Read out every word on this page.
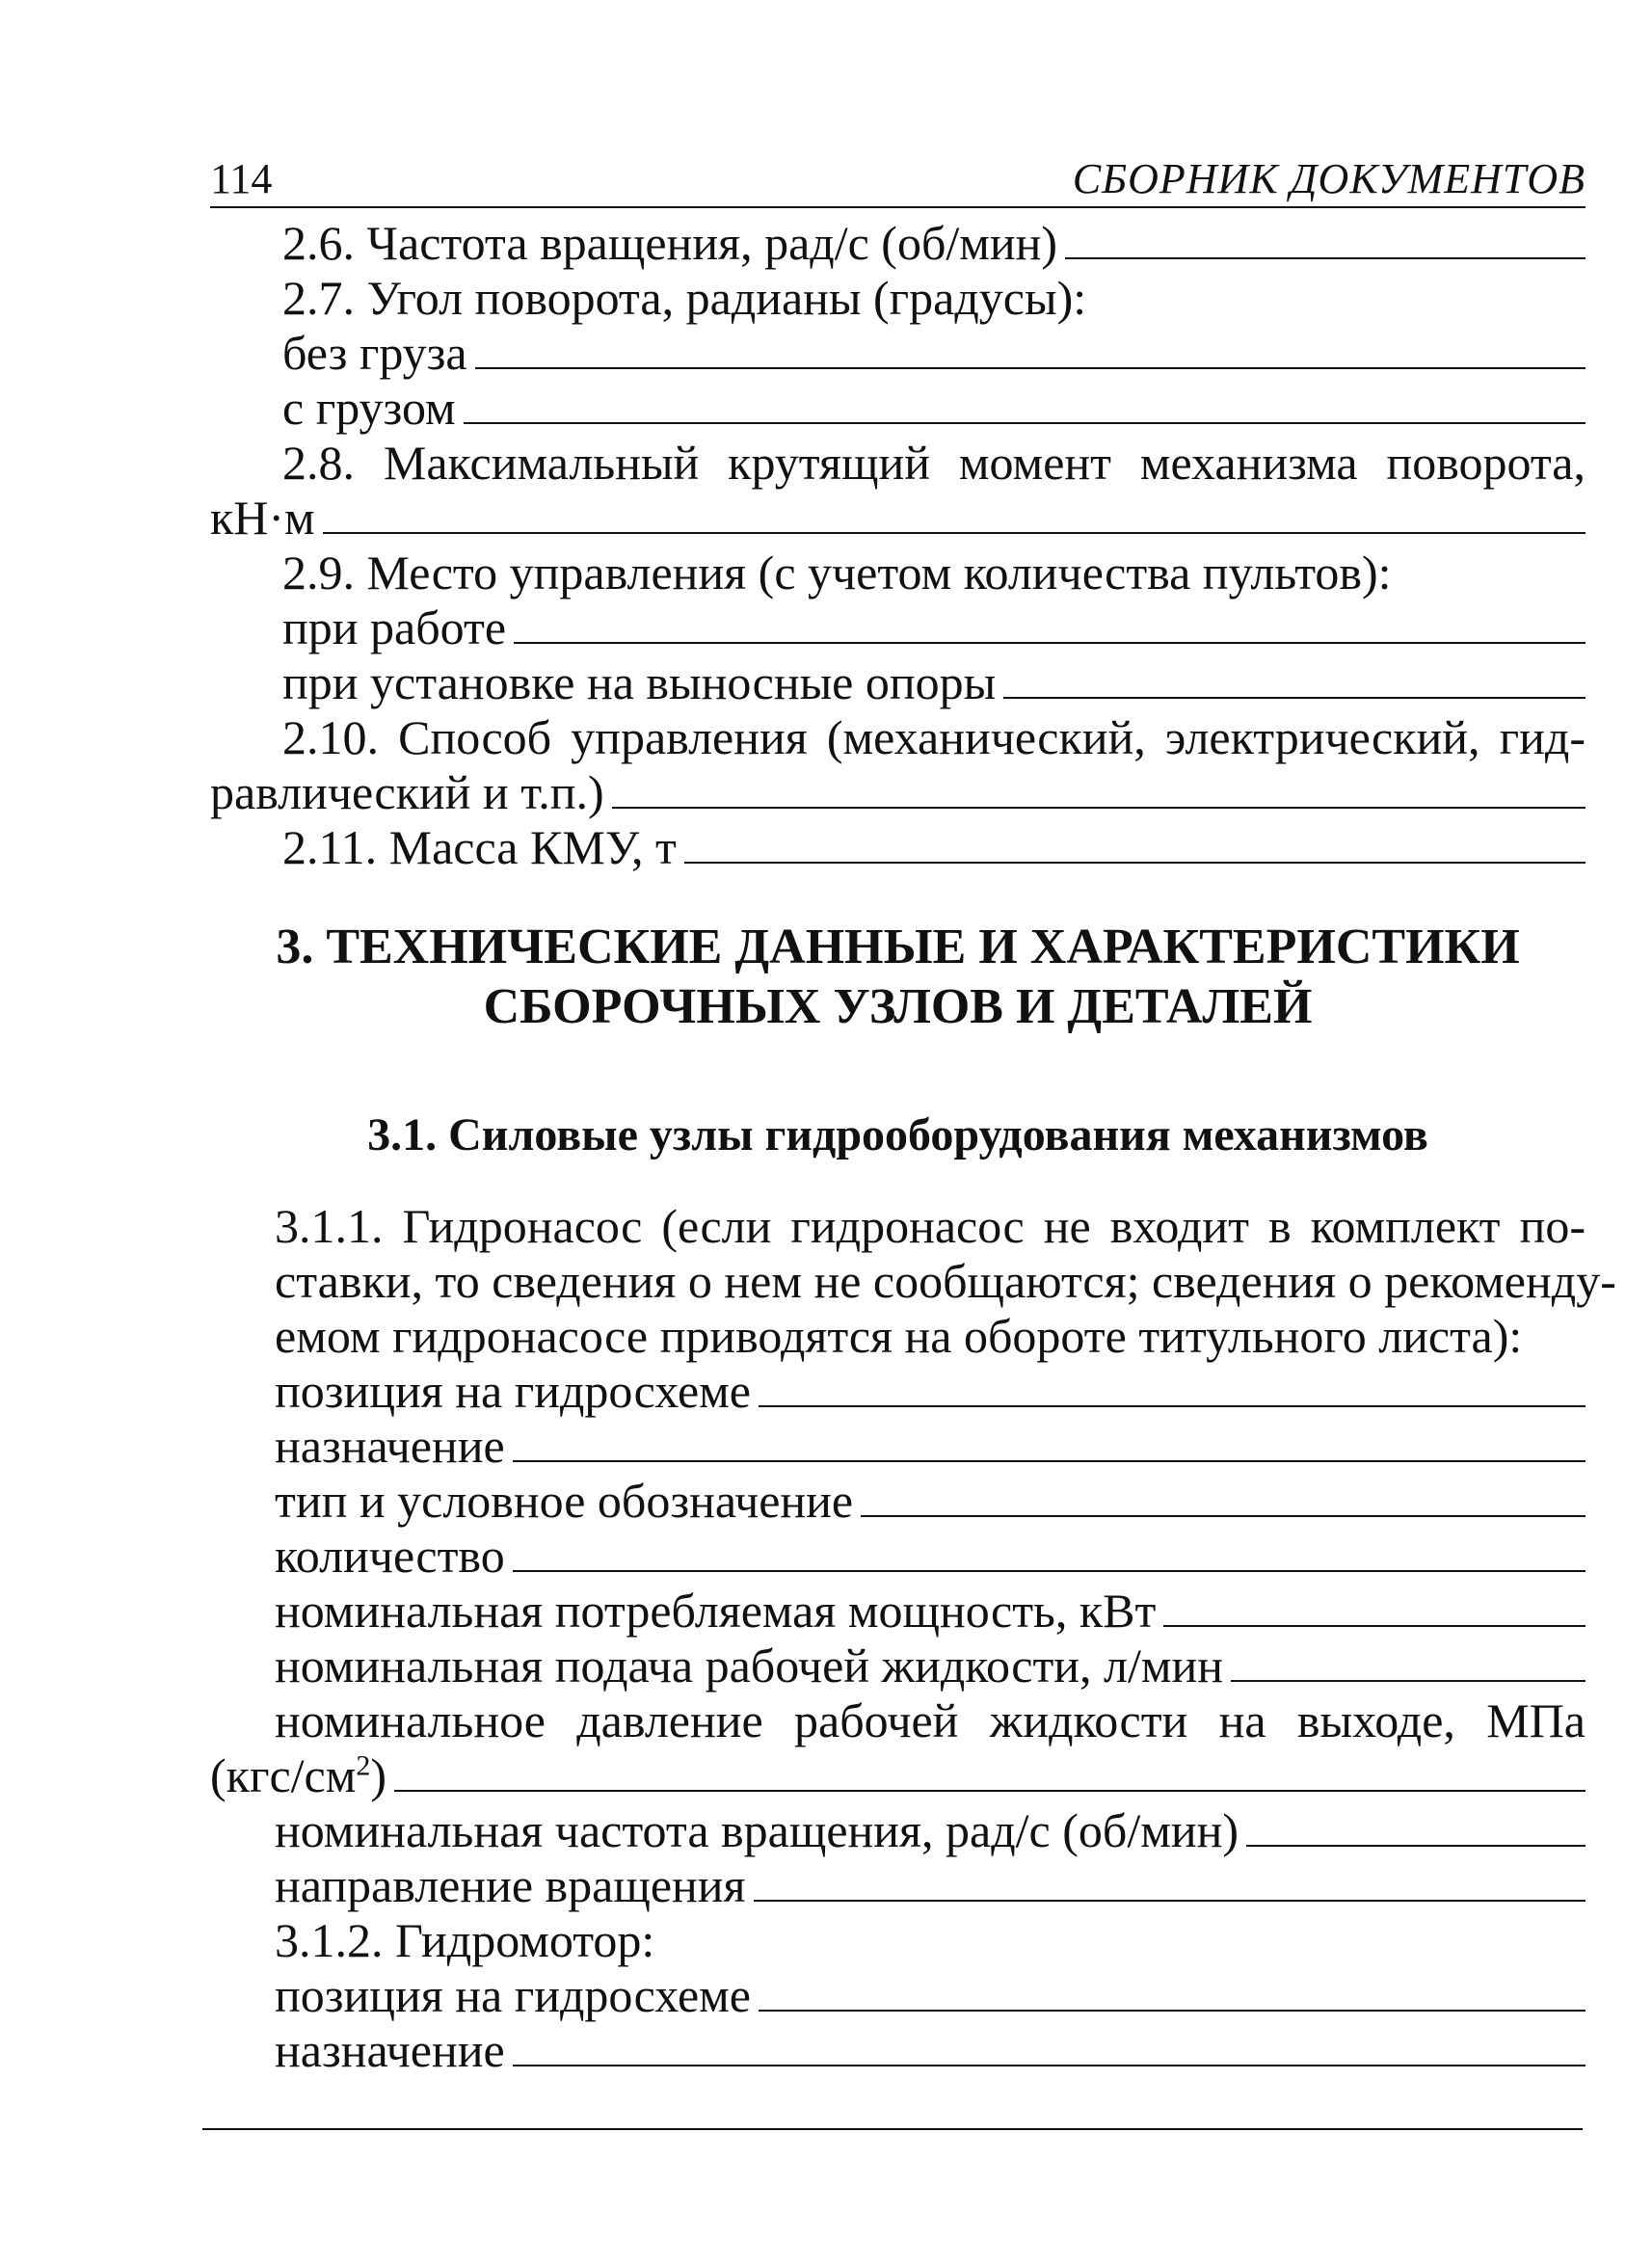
114	СБОРНИК ДОКУМЕНТОВ
2.6. Частота вращения, рад/с (об/мин)
2.7. Угол поворота, радианы (градусы):
без груза
с грузом
2.8. Максимальный крутящий момент механизма поворота,
кН·м
2.9. Место управления (с учетом количества пультов):
при работе
при установке на выносные опоры
2.10. Способ управления (механический, электрический, гид-
равлический и т.п.)
2.11. Масса КМУ, т
3. ТЕХНИЧЕСКИЕ ДАННЫЕ И ХАРАКТЕРИСТИКИ
СБОРОЧНЫХ УЗЛОВ И ДЕТАЛЕЙ
3.1. Силовые узлы гидрооборудования механизмов
3.1.1. Гидронасос (если гидронасос не входит в комплект по-
ставки, то сведения о нем не сообщаются; сведения о рекоменду-
емом гидронасосе приводятся на обороте титульного листа):
позиция на гидросхеме
назначение
тип и условное обозначение
количество
номинальная потребляемая мощность, кВт
номинальная подача рабочей жидкости, л/мин
номинальное давление рабочей жидкости на выходе, МПа
$(кгс/см^2)$
номинальная частота вращения, рад/с (об/мин)
направление вращения
3.1.2. Гидромотор:
позиция на гидросхеме
назначение
